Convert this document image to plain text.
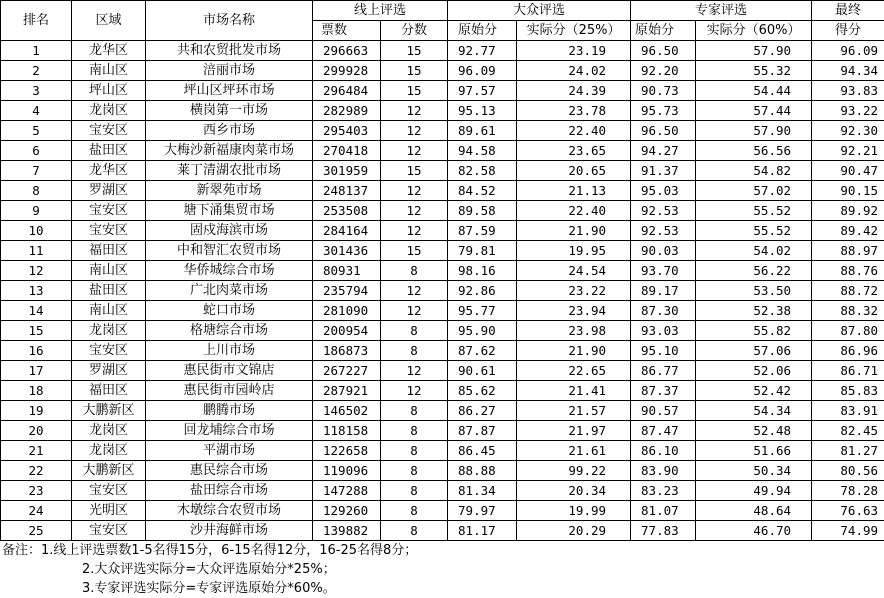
排名	区域	市场名称	线上评选		大众评选		专家评选		最终
			票数	分数	原始分	实际分（25%）	原始分	实际分（60%）	得分
1	龙华区	共和农贸批发市场	296663	15	92.77	23.19	96.50	57.90	96.09
2	南山区	涪丽市场	299928	15	96.09	24.02	92.20	55.32	94.34
3	坪山区	坪山区坪环市场	296484	15	97.57	24.39	90.73	54.44	93.83
4	龙岗区	横岗第一市场	282989	12	95.13	23.78	95.73	57.44	93.22
5	宝安区	西乡市场	295403	12	89.61	22.40	96.50	57.90	92.30
6	盐田区	大梅沙新福康肉菜市场	270418	12	94.58	23.65	94.27	56.56	92.21
7	龙华区	莱丁清湖农批市场	301959	15	82.58	20.65	91.37	54.82	90.47
8	罗湖区	新翠苑市场	248137	12	84.52	21.13	95.03	57.02	90.15
9	宝安区	塘下涌集贸市场	253508	12	89.58	22.40	92.53	55.52	89.92
10	宝安区	固戍海滨市场	284164	12	87.59	21.90	92.53	55.52	89.42
11	福田区	中和智汇农贸市场	301436	15	79.81	19.95	90.03	54.02	88.97
12	南山区	华侨城综合市场	80931	8	98.16	24.54	93.70	56.22	88.76
13	盐田区	广北肉菜市场	235794	12	92.86	23.22	89.17	53.50	88.72
14	南山区	蛇口市场	281090	12	95.77	23.94	87.30	52.38	88.32
15	龙岗区	格塘综合市场	200954	8	95.90	23.98	93.03	55.82	87.80
16	宝安区	上川市场	186873	8	87.62	21.90	95.10	57.06	86.96
17	罗湖区	惠民街市文锦店	267227	12	90.61	22.65	86.77	52.06	86.71
18	福田区	惠民街市园岭店	287921	12	85.62	21.41	87.37	52.42	85.83
19	大鹏新区	鹏腾市场	146502	8	86.27	21.57	90.57	54.34	83.91
20	龙岗区	回龙埔综合市场	118158	8	87.87	21.97	87.47	52.48	82.45
21	龙岗区	平湖市场	122658	8	86.45	21.61	86.10	51.66	81.27
22	大鹏新区	惠民综合市场	119096	8	88.88	99.22	83.90	50.34	80.56
23	宝安区	盐田综合市场	147288	8	81.34	20.34	83.23	49.94	78.28
24	光明区	木墩综合农贸市场	129260	8	79.97	19.99	81.07	48.64	76.63
25	宝安区	沙井海鲜市场	139882	8	81.17	20.29	77.83	46.70	74.99
备注：1.线上评选票数1-5名得15分，6-15名得12分，16-25名得8分；
2.大众评选实际分=大众评选原始分*25%；
3.专家评选实际分=专家评选原始分*60%。
